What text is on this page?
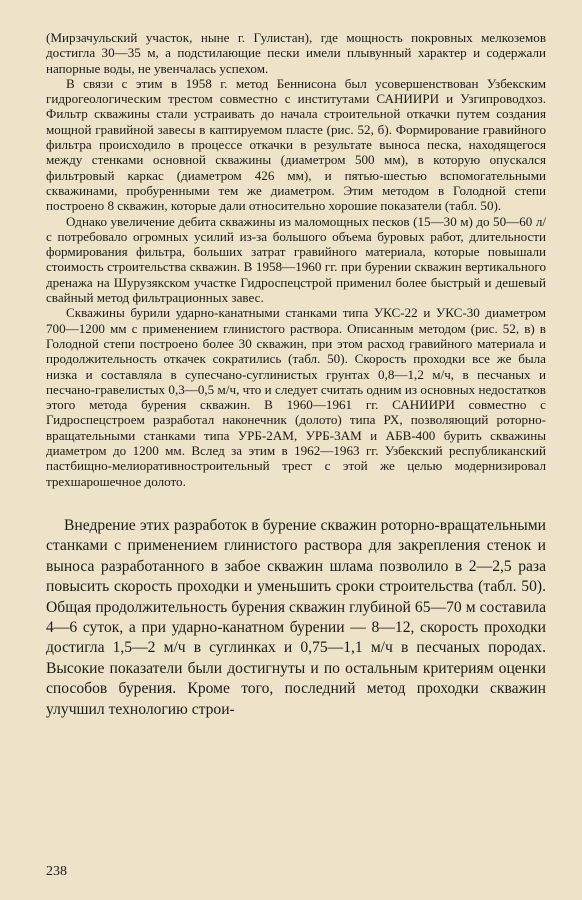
(Мирзачульский участок, ныне г. Гулистан), где мощность покровных мелкоземов достигла 30—35 м, а подстилающие пески имели плывунный характер и содержали напорные воды, не увенчалась успехом.

В связи с этим в 1958 г. метод Беннисона был усовершенствован Узбекским гидрогеологическим трестом совместно с институтами САНИИРИ и Узгипроводхоз. Фильтр скважины стали устраивать до начала строительной откачки путем создания мощной гравийной завесы в каптируемом пласте (рис. 52, б). Формирование гравийного фильтра происходило в процессе откачки в результате выноса песка, находящегося между стенками основной скважины (диаметром 500 мм), в которую опускался фильтровый каркас (диаметром 426 мм), и пятью-шестью вспомогательными скважинами, пробуренными тем же диаметром. Этим методом в Голодной степи построено 8 скважин, которые дали относительно хорошие показатели (табл. 50).

Однако увеличение дебита скважины из маломощных песков (15—30 м) до 50—60 л/с потребовало огромных усилий из-за большого объема буровых работ, длительности формирования фильтра, больших затрат гравийного материала, которые повышали стоимость строительства скважин. В 1958—1960 гг. при бурении скважин вертикального дренажа на Шурузякском участке Гидроспецстрой применил более быстрый и дешевый свайный метод фильтрационных завес.

Скважины бурили ударно-канатными станками типа УКС-22 и УКС-30 диаметром 700—1200 мм с применением глинистого раствора. Описанным методом (рис. 52, в) в Голодной степи построено более 30 скважин, при этом расход гравийного материала и продолжительность откачек сократились (табл. 50). Скорость проходки все же была низка и составляла в супесчано-суглинистых грунтах 0,8—1,2 м/ч, в песчаных и песчано-гравелистых 0,3—0,5 м/ч, что и следует считать одним из основных недостатков этого метода бурения скважин. В 1960—1961 гг. САНИИРИ совместно с Гидроспецстроем разработал наконечник (долото) типа РХ, позволяющий роторно-вращательными станками типа УРБ-2АМ, УРБ-3АМ и АБВ-400 бурить скважины диаметром до 1200 мм. Вслед за этим в 1962—1963 гг. Узбекский республиканский пастбищно-мелиоративностроительный трест с этой же целью модернизировал трехшарошечное долото.

Внедрение этих разработок в бурение скважин роторно-вращательными станками с применением глинистого раствора для закрепления стенок и выноса разработанного в забое скважин шлама позволило в 2—2,5 раза повысить скорость проходки и уменьшить сроки строительства (табл. 50). Общая продолжительность бурения скважин глубиной 65—70 м составила 4—6 суток, а при ударно-канатном бурении — 8—12, скорость проходки достигла 1,5—2 м/ч в суглинках и 0,75—1,1 м/ч в песчаных породах. Высокие показатели были достигнуты и по остальным критериям оценки способов бурения. Кроме того, последний метод проходки скважин улучшил технологию строи-

238
